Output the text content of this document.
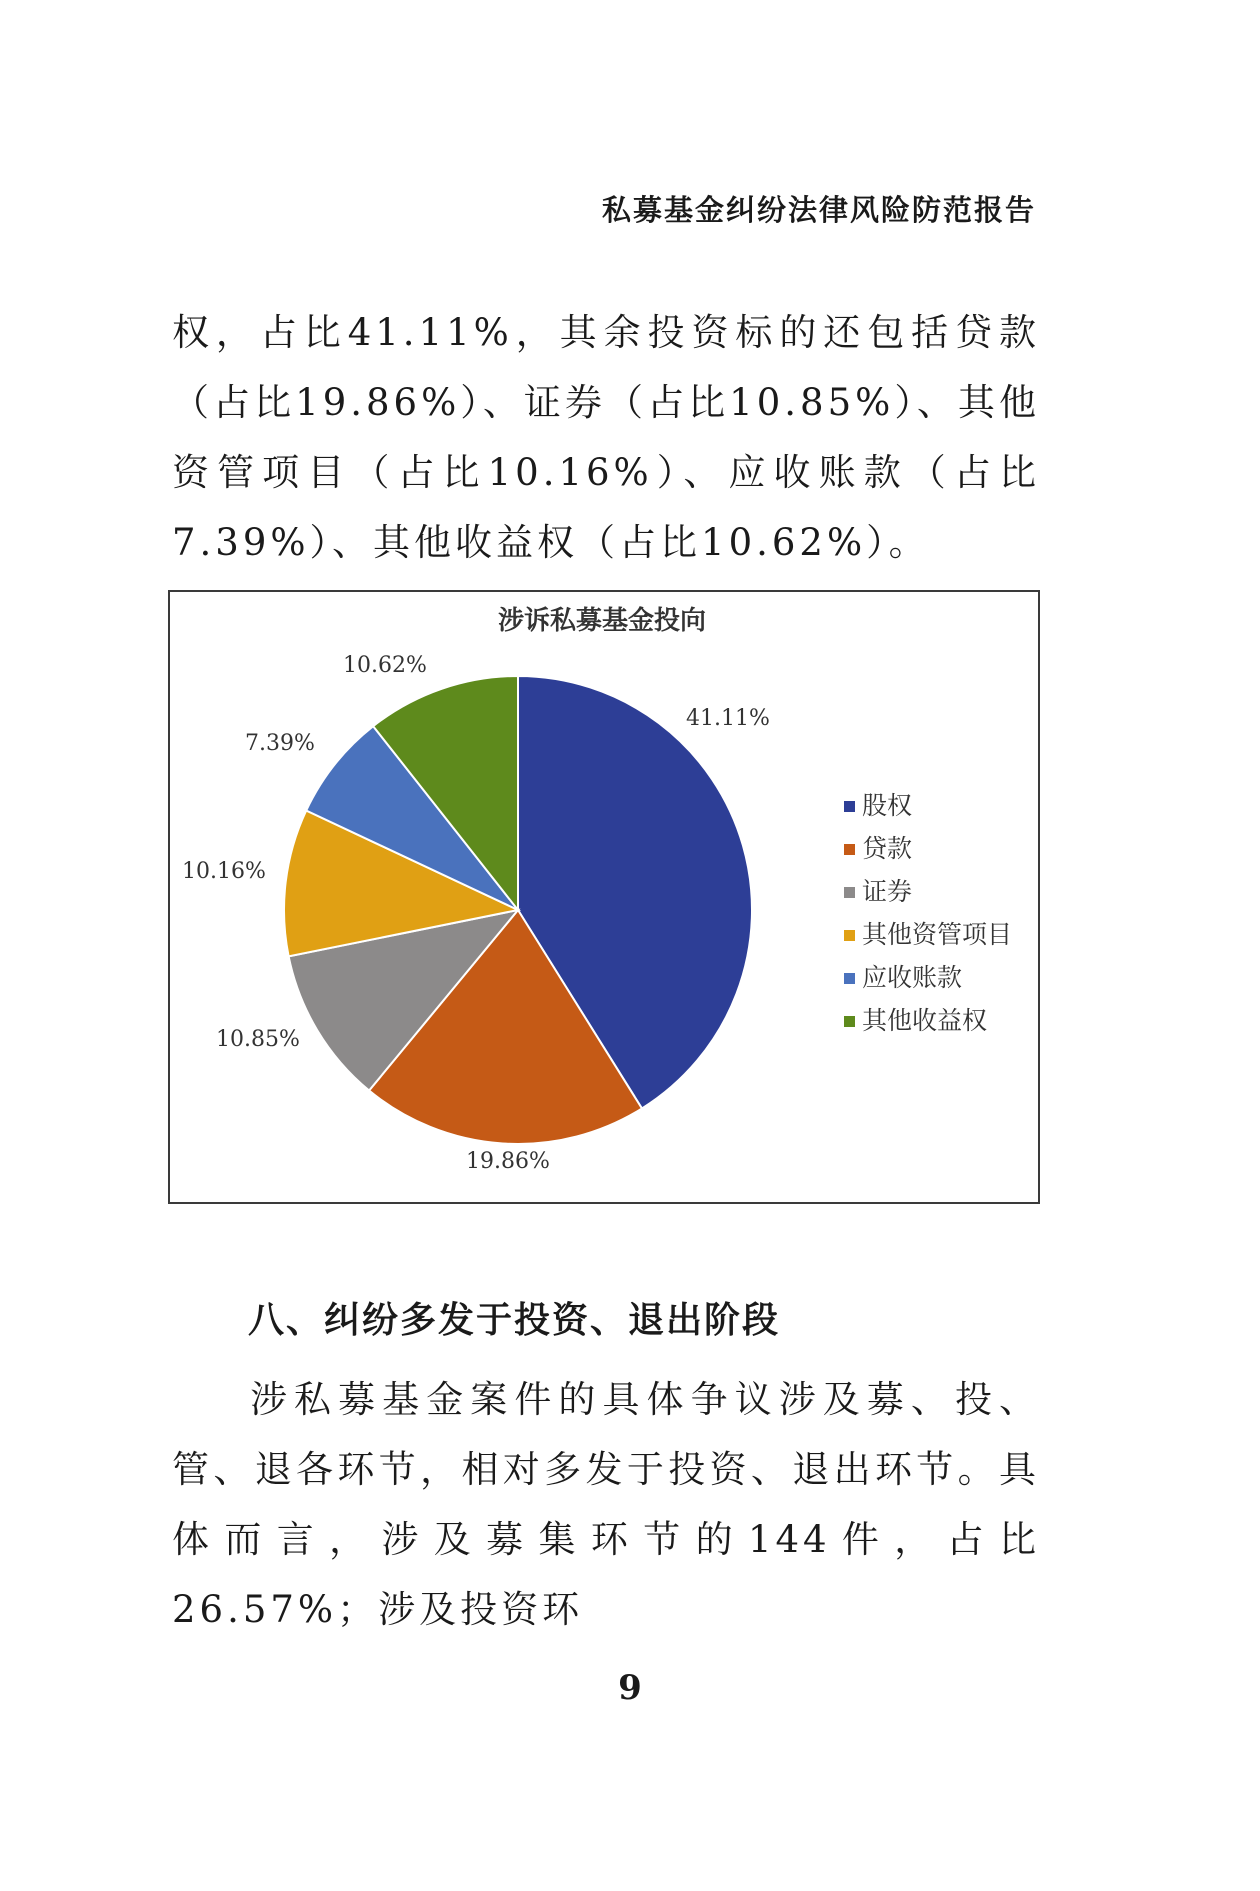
私募基金纠纷法律风险防范报告
权，占比41.11%，其余投资标的还包括贷款（占比19.86%）、证券（占比10.85%）、其他资管项目（占比10.16%）、应收账款（占比7.39%）、其他收益权（占比10.62%）。
涉诉私募基金投向
41.11%
19.86%
10.85%
10.16%
7.39%
10.62%
股权
贷款
证券
其他资管项目
应收账款
其他收益权
八、纠纷多发于投资、退出阶段
涉私募基金案件的具体争议涉及募、投、管、退各环节，相对多发于投资、退出环节。具体而言，涉及募集环节的144件，占比26.57%；涉及投资环
9
